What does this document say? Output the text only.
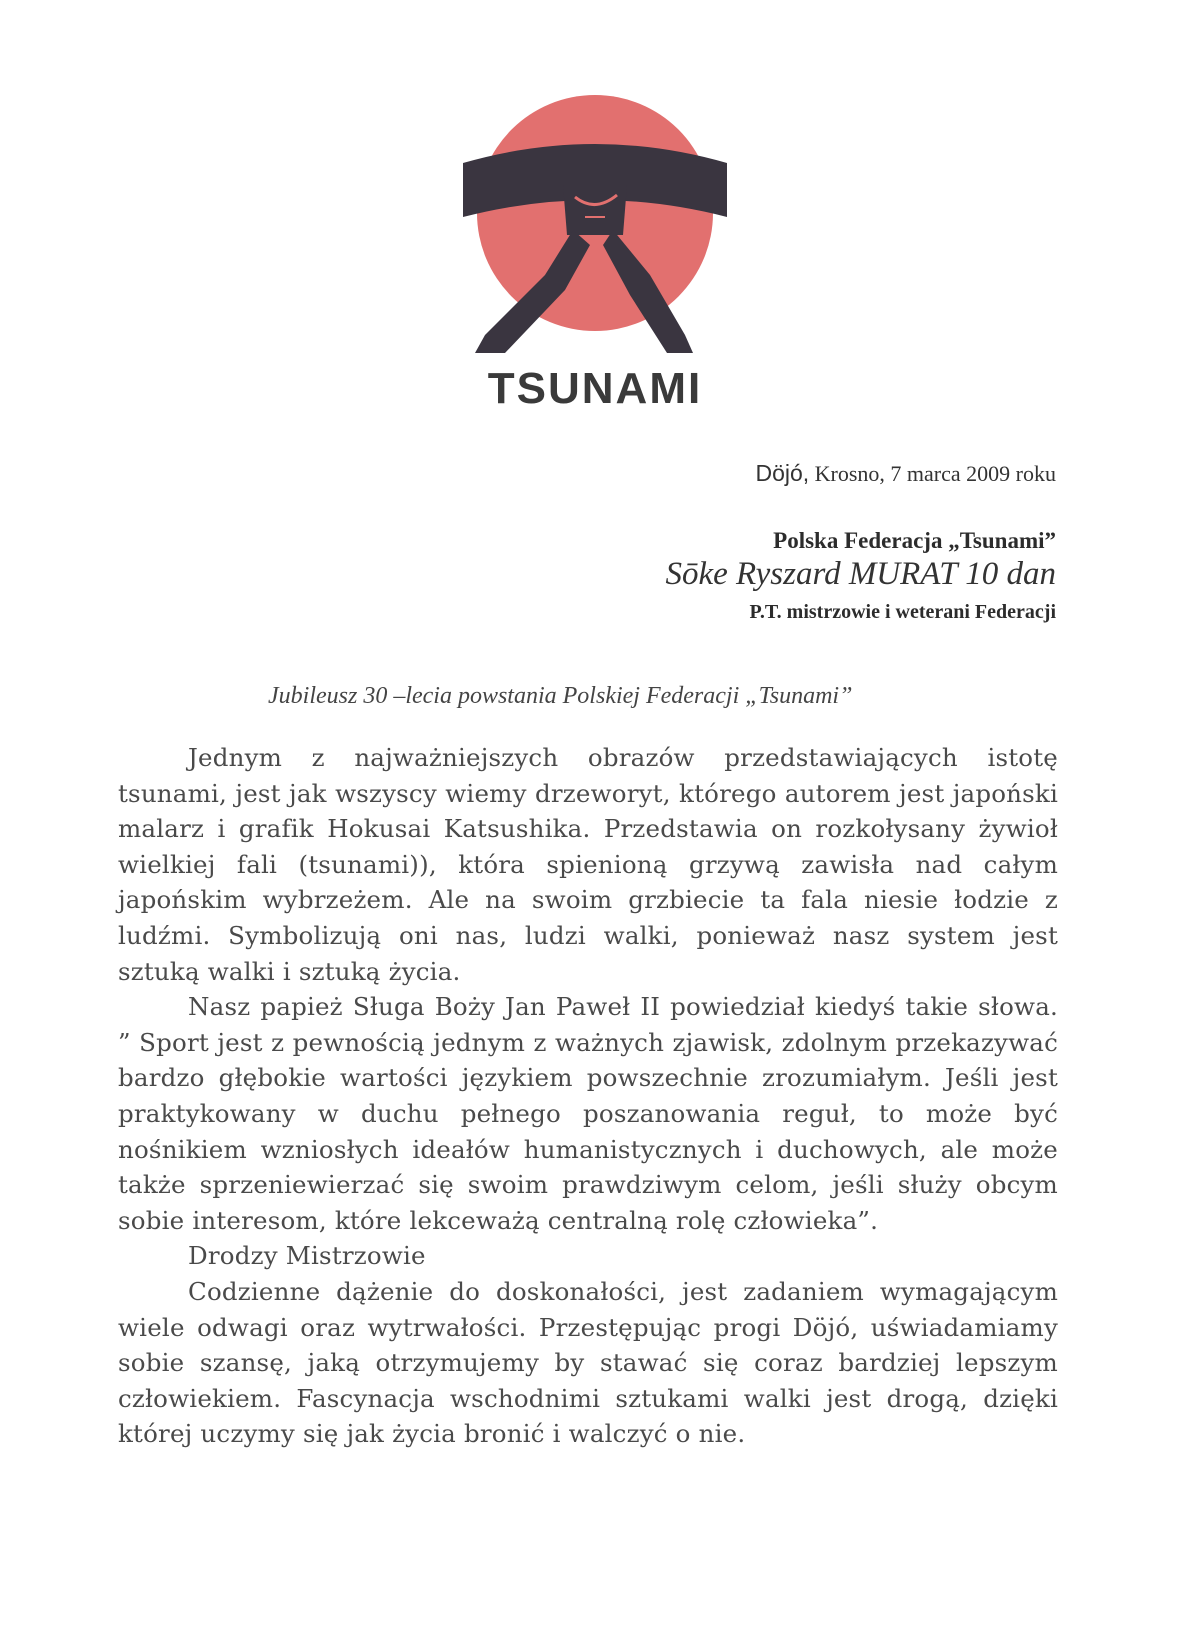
TSUNAMI
Döjó, Krosno, 7 marca 2009 roku
Polska Federacja „Tsunami”
Sōke Ryszard MURAT 10 dan
P.T. mistrzowie i weterani Federacji
Jubileusz 30 –lecia powstania Polskiej Federacji „Tsunami”

Jednym z najważniejszych obrazów przedstawiających istotę tsunami, jest jak wszyscy wiemy drzeworyt, którego autorem jest japoński malarz i grafik Hokusai Katsushika. Przedstawia on rozkołysany żywioł wielkiej fali (tsunami)), która spienioną grzywą zawisła nad całym japońskim wybrzeżem. Ale na swoim grzbiecie ta fala niesie łodzie z ludźmi. Symbolizują oni nas, ludzi walki, ponieważ nasz system jest sztuką walki i sztuką życia.

Nasz papież Sługa Boży Jan Paweł II powiedział kiedyś takie słowa. ” Sport jest z pewnością jednym z ważnych zjawisk, zdolnym przekazywać bardzo głębokie wartości językiem powszechnie zrozumiałym. Jeśli jest praktykowany w duchu pełnego poszanowania reguł, to może być nośnikiem wzniosłych ideałów humanistycznych i duchowych, ale może także sprzeniewierzać się swoim prawdziwym celom, jeśli służy obcym sobie interesom, które lekceważą centralną rolę człowieka”.

Drodzy Mistrzowie

Codzienne dążenie do doskonałości, jest zadaniem wymagającym wiele odwagi oraz wytrwałości. Przestępując progi Döjó, uświadamiamy sobie szansę, jaką otrzymujemy by stawać się coraz bardziej lepszym człowiekiem. Fascynacja wschodnimi sztukami walki jest drogą, dzięki której uczymy się jak życia bronić i walczyć o nie.
